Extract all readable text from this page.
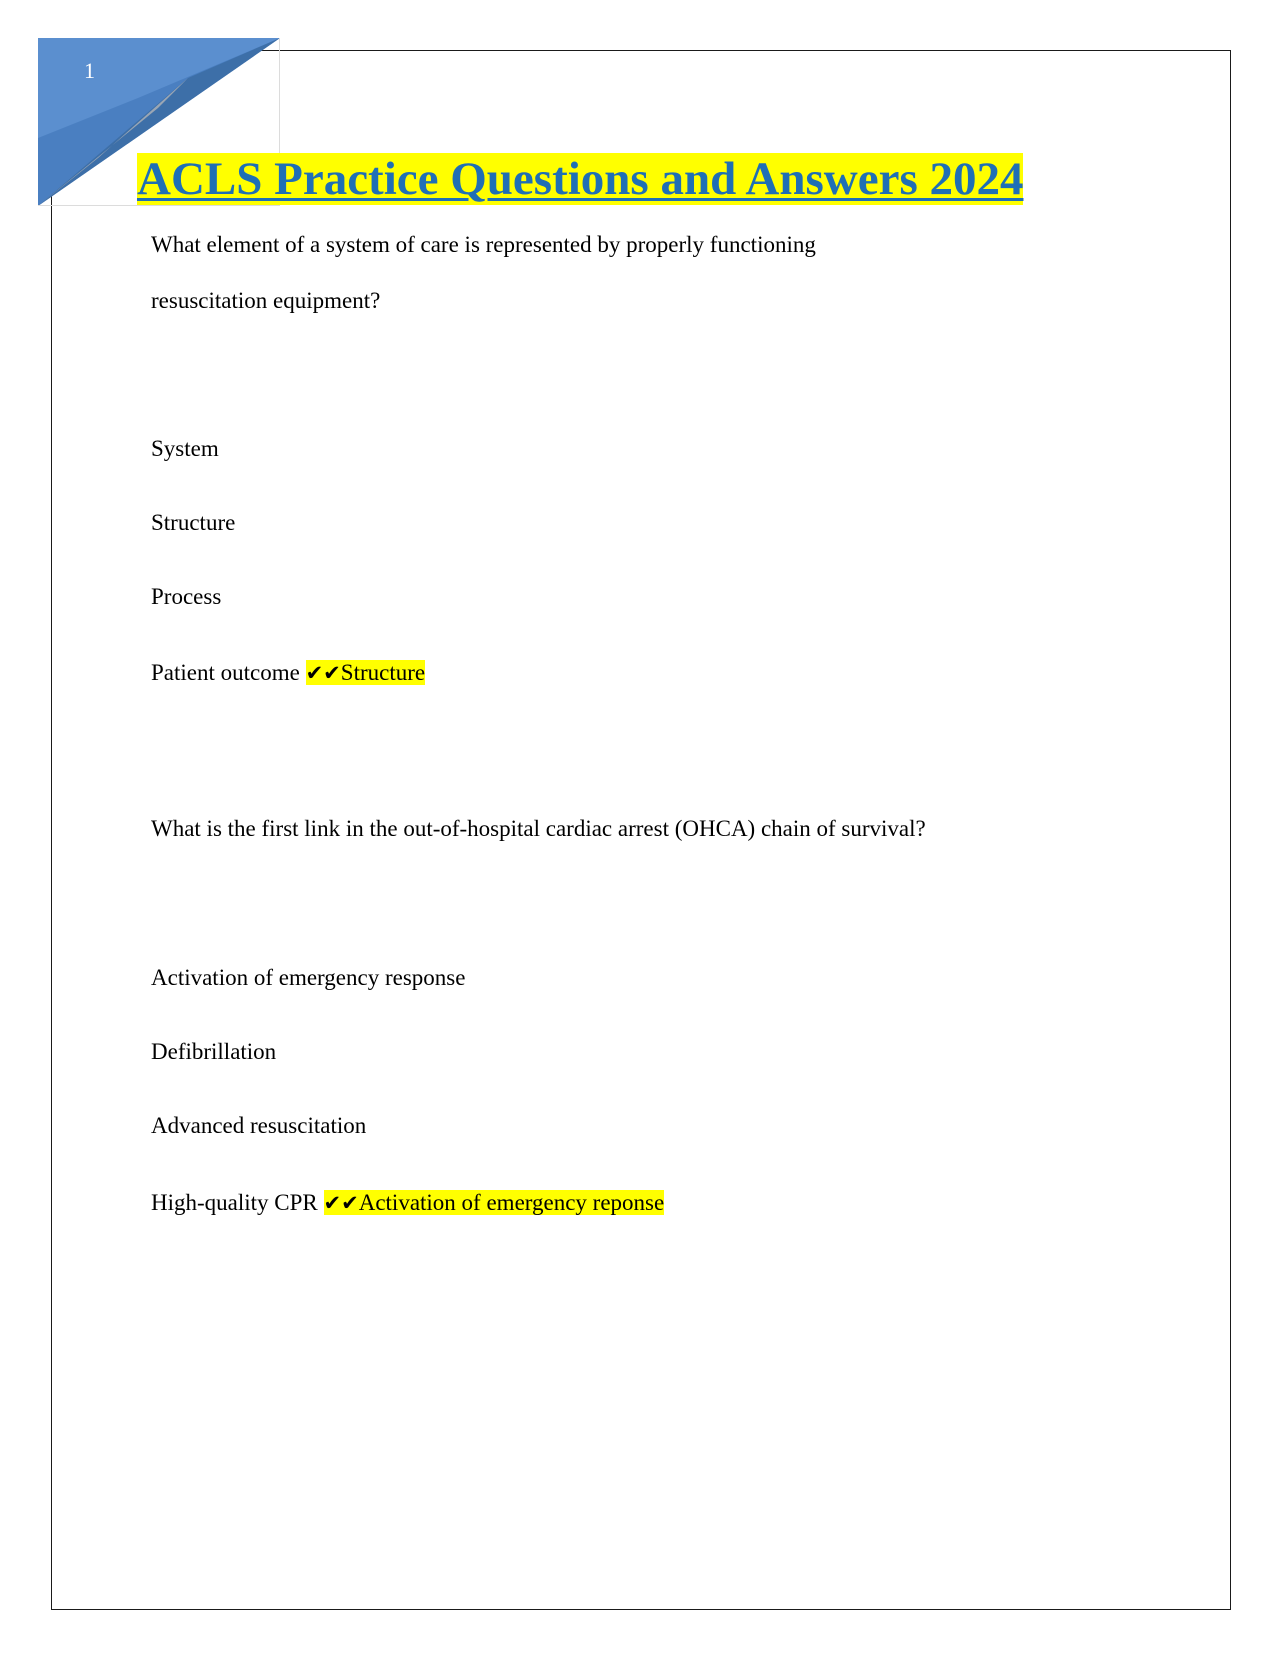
1
ACLS Practice Questions and Answers 2024
What element of a system of care is represented by properly functioning
resuscitation equipment?
System
Structure
Process
Patient outcome ✔✔Structure
What is the first link in the out-of-hospital cardiac arrest (OHCA) chain of survival?
Activation of emergency response
Defibrillation
Advanced resuscitation
High-quality CPR ✔✔Activation of emergency reponse
